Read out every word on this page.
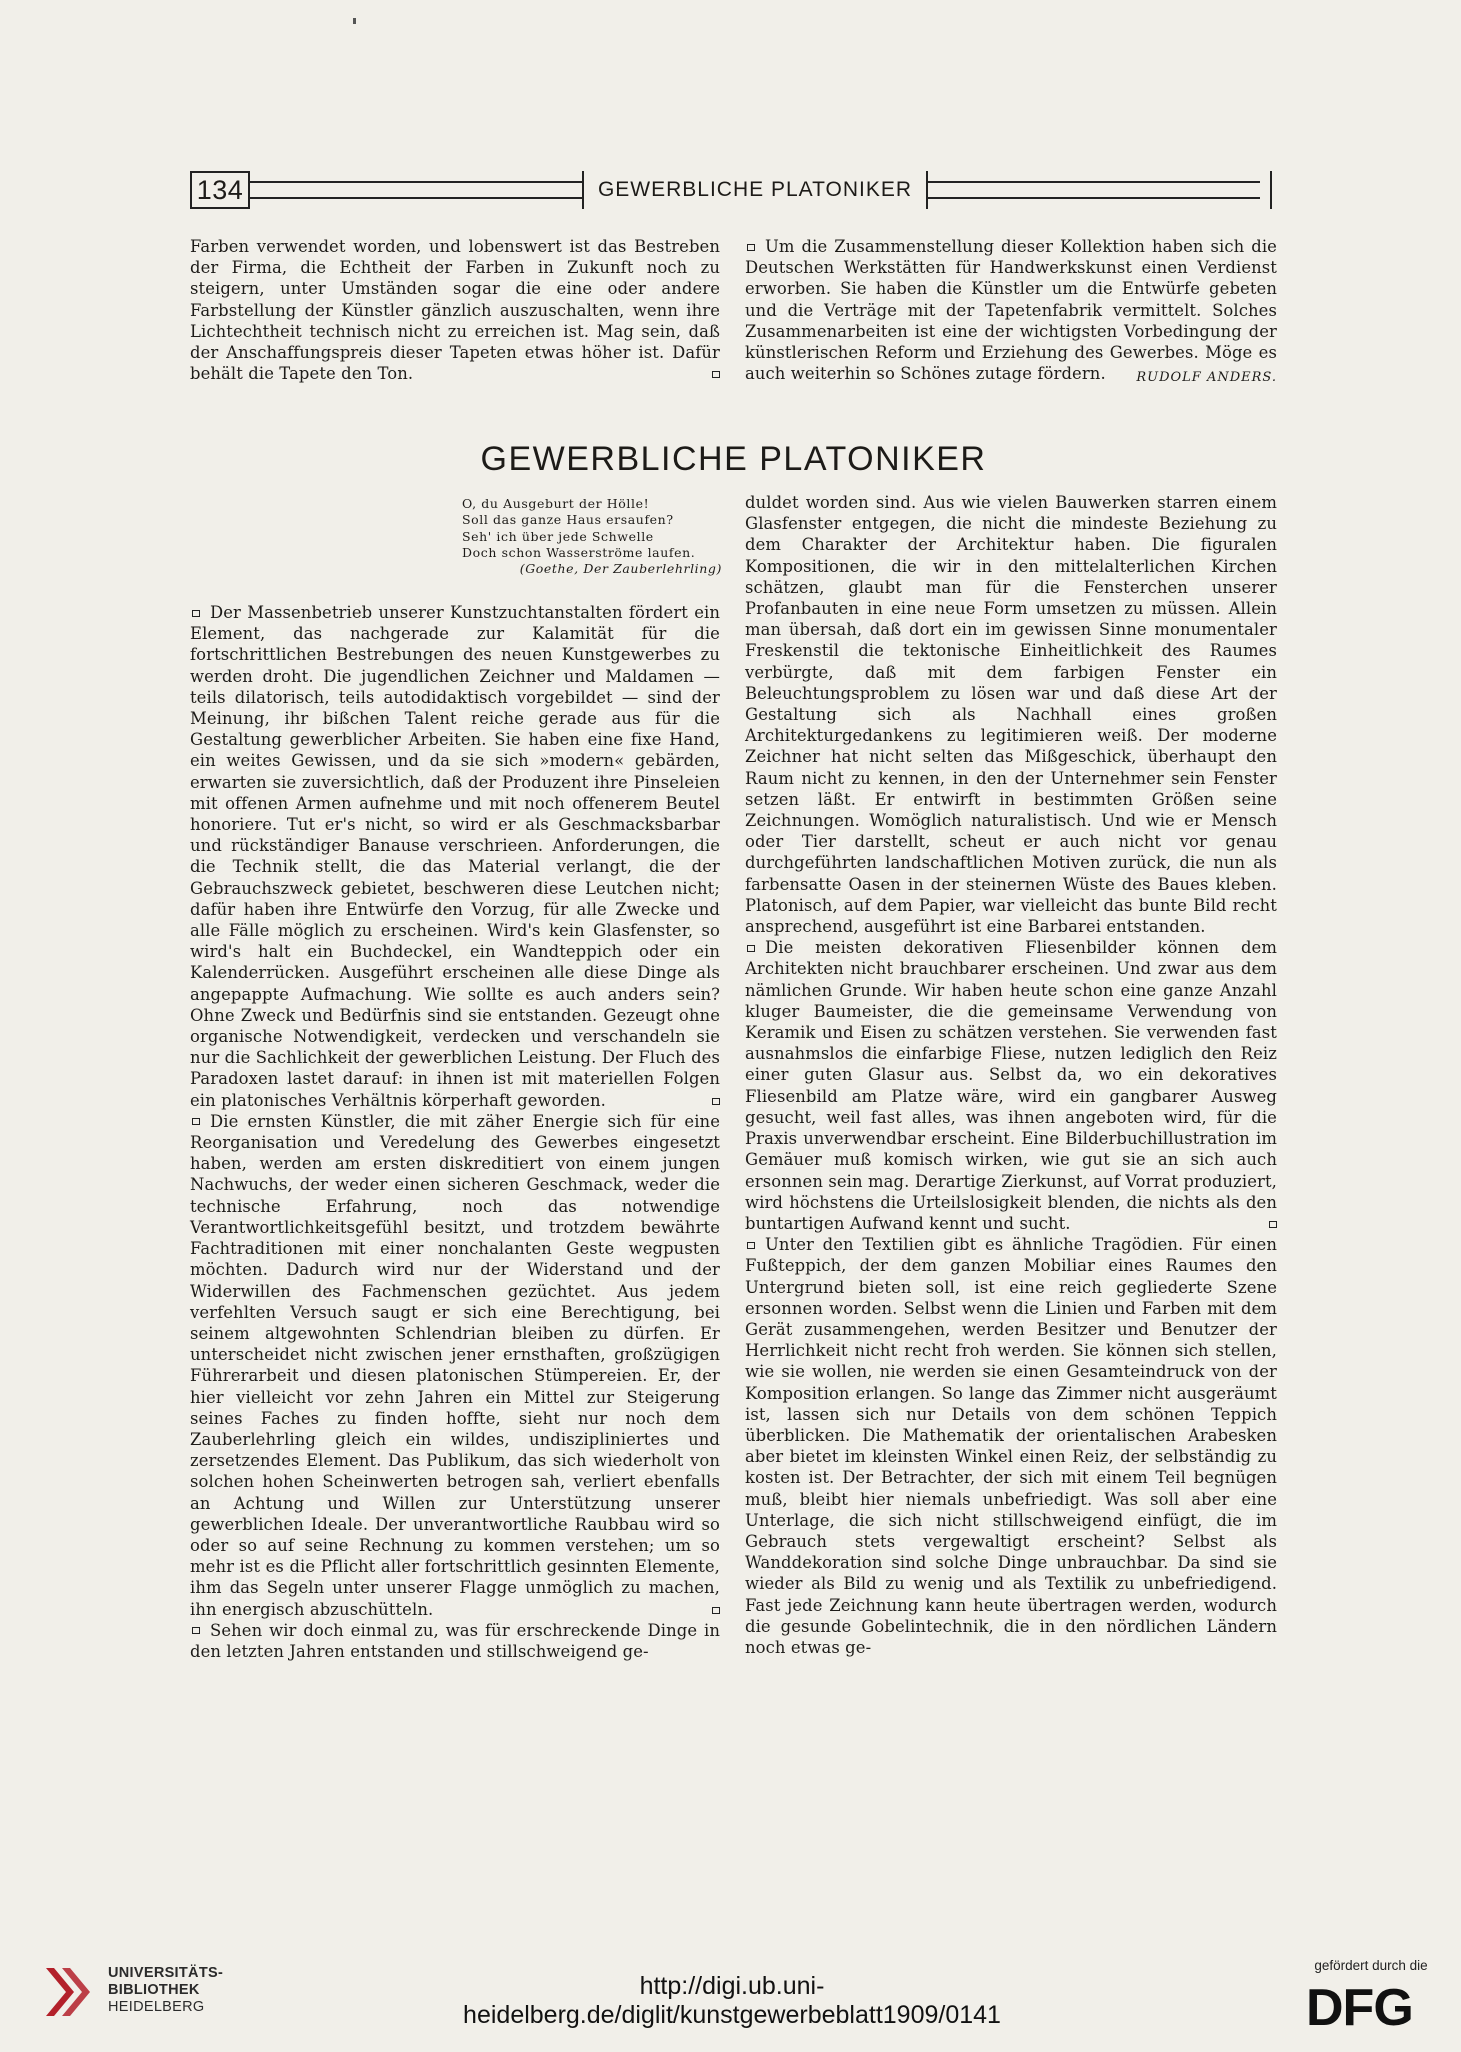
134	GEWERBLICHE PLATONIKER

Farben verwendet worden, und lobenswert ist das Bestreben der Firma, die Echtheit der Farben in Zukunft noch zu steigern, unter Umständen sogar die eine oder andere Farbstellung der Künstler gänzlich auszuschalten, wenn ihre Lichtechtheit technisch nicht zu erreichen ist. Mag sein, daß der Anschaffungspreis dieser Tapeten etwas höher ist. Dafür behält die Tapete den Ton.

Um die Zusammenstellung dieser Kollektion haben sich die Deutschen Werkstätten für Handwerkskunst einen Verdienst erworben. Sie haben die Künstler um die Entwürfe gebeten und die Verträge mit der Tapetenfabrik vermittelt. Solches Zusammenarbeiten ist eine der wichtigsten Vorbedingung der künstlerischen Reform und Erziehung des Gewerbes. Möge es auch weiterhin so Schönes zutage fördern. RUDOLF ANDERS.

GEWERBLICHE PLATONIKER
O, du Ausgeburt der Hölle!
Soll das ganze Haus ersaufen?
Seh' ich über jede Schwelle
Doch schon Wasserströme laufen.
(Goethe, Der Zauberlehrling)

Der Massenbetrieb unserer Kunstzuchtanstalten fördert ein Element, das nachgerade zur Kalamität für die fortschrittlichen Bestrebungen des neuen Kunstgewerbes zu werden droht. Die jugendlichen Zeichner und Maldamen — teils dilatorisch, teils autodidaktisch vorgebildet — sind der Meinung, ihr bißchen Talent reiche gerade aus für die Gestaltung gewerblicher Arbeiten. Sie haben eine fixe Hand, ein weites Gewissen, und da sie sich »modern« gebärden, erwarten sie zuversichtlich, daß der Produzent ihre Pinseleien mit offenen Armen aufnehme und mit noch offenerem Beutel honoriere. Tut er's nicht, so wird er als Geschmacksbarbar und rückständiger Banause verschrieen. Anforderungen, die die Technik stellt, die das Material verlangt, die der Gebrauchszweck gebietet, beschweren diese Leutchen nicht; dafür haben ihre Entwürfe den Vorzug, für alle Zwecke und alle Fälle möglich zu erscheinen. Wird's kein Glasfenster, so wird's halt ein Buchdeckel, ein Wandteppich oder ein Kalenderrücken. Ausgeführt erscheinen alle diese Dinge als angepappte Aufmachung. Wie sollte es auch anders sein? Ohne Zweck und Bedürfnis sind sie entstanden. Gezeugt ohne organische Notwendigkeit, verdecken und verschandeln sie nur die Sachlichkeit der gewerblichen Leistung. Der Fluch des Paradoxen lastet darauf: in ihnen ist mit materiellen Folgen ein platonisches Verhältnis körperhaft geworden.

Die ernsten Künstler, die mit zäher Energie sich für eine Reorganisation und Veredelung des Gewerbes eingesetzt haben, werden am ersten diskreditiert von einem jungen Nachwuchs, der weder einen sicheren Geschmack, weder die technische Erfahrung, noch das notwendige Verantwortlichkeitsgefühl besitzt, und trotzdem bewährte Fachtraditionen mit einer nonchalanten Geste wegpusten möchten. Dadurch wird nur der Widerstand und der Widerwillen des Fachmenschen gezüchtet. Aus jedem verfehlten Versuch saugt er sich eine Berechtigung, bei seinem altgewohnten Schlendrian bleiben zu dürfen. Er unterscheidet nicht zwischen jener ernsthaften, großzügigen Führerarbeit und diesen platonischen Stümpereien. Er, der hier vielleicht vor zehn Jahren ein Mittel zur Steigerung seines Faches zu finden hoffte, sieht nur noch dem Zauberlehrling gleich ein wildes, undiszipliniertes und zersetzendes Element. Das Publikum, das sich wiederholt von solchen hohen Scheinwerten betrogen sah, verliert ebenfalls an Achtung und Willen zur Unterstützung unserer gewerblichen Ideale. Der unverantwortliche Raubbau wird so oder so auf seine Rechnung zu kommen verstehen; um so mehr ist es die Pflicht aller fortschrittlich gesinnten Elemente, ihm das Segeln unter unserer Flagge unmöglich zu machen, ihn energisch abzuschütteln.

Sehen wir doch einmal zu, was für erschreckende Dinge in den letzten Jahren entstanden und stillschweigend ge-

duldet worden sind. Aus wie vielen Bauwerken starren einem Glasfenster entgegen, die nicht die mindeste Beziehung zu dem Charakter der Architektur haben. Die figuralen Kompositionen, die wir in den mittelalterlichen Kirchen schätzen, glaubt man für die Fensterchen unserer Profanbauten in eine neue Form umsetzen zu müssen. Allein man übersah, daß dort ein im gewissen Sinne monumentaler Freskenstil die tektonische Einheitlichkeit des Raumes verbürgte, daß mit dem farbigen Fenster ein Beleuchtungsproblem zu lösen war und daß diese Art der Gestaltung sich als Nachhall eines großen Architekturgedankens zu legitimieren weiß. Der moderne Zeichner hat nicht selten das Mißgeschick, überhaupt den Raum nicht zu kennen, in den der Unternehmer sein Fenster setzen läßt. Er entwirft in bestimmten Größen seine Zeichnungen. Womöglich naturalistisch. Und wie er Mensch oder Tier darstellt, scheut er auch nicht vor genau durchgeführten landschaftlichen Motiven zurück, die nun als farbensatte Oasen in der steinernen Wüste des Baues kleben. Platonisch, auf dem Papier, war vielleicht das bunte Bild recht ansprechend, ausgeführt ist eine Barbarei entstanden.

Die meisten dekorativen Fliesenbilder können dem Architekten nicht brauchbarer erscheinen. Und zwar aus dem nämlichen Grunde. Wir haben heute schon eine ganze Anzahl kluger Baumeister, die die gemeinsame Verwendung von Keramik und Eisen zu schätzen verstehen. Sie verwenden fast ausnahmslos die einfarbige Fliese, nutzen lediglich den Reiz einer guten Glasur aus. Selbst da, wo ein dekoratives Fliesenbild am Platze wäre, wird ein gangbarer Ausweg gesucht, weil fast alles, was ihnen angeboten wird, für die Praxis unverwendbar erscheint. Eine Bilderbuchillustration im Gemäuer muß komisch wirken, wie gut sie an sich auch ersonnen sein mag. Derartige Zierkunst, auf Vorrat produziert, wird höchstens die Urteilslosigkeit blenden, die nichts als den buntartigen Aufwand kennt und sucht.

Unter den Textilien gibt es ähnliche Tragödien. Für einen Fußteppich, der dem ganzen Mobiliar eines Raumes den Untergrund bieten soll, ist eine reich gegliederte Szene ersonnen worden. Selbst wenn die Linien und Farben mit dem Gerät zusammengehen, werden Besitzer und Benutzer der Herrlichkeit nicht recht froh werden. Sie können sich stellen, wie sie wollen, nie werden sie einen Gesamteindruck von der Komposition erlangen. So lange das Zimmer nicht ausgeräumt ist, lassen sich nur Details von dem schönen Teppich überblicken. Die Mathematik der orientalischen Arabesken aber bietet im kleinsten Winkel einen Reiz, der selbständig zu kosten ist. Der Betrachter, der sich mit einem Teil begnügen muß, bleibt hier niemals unbefriedigt. Was soll aber eine Unterlage, die sich nicht stillschweigend einfügt, die im Gebrauch stets vergewaltigt erscheint? Selbst als Wanddekoration sind solche Dinge unbrauchbar. Da sind sie wieder als Bild zu wenig und als Textilik zu unbefriedigend. Fast jede Zeichnung kann heute übertragen werden, wodurch die gesunde Gobelintechnik, die in den nördlichen Ländern noch etwas ge-

UNIVERSITÄTS-
BIBLIOTHEK
HEIDELBERG
http://digi.ub.uni-heidelberg.de/diglit/kunstgewerbeblatt1909/0141
gefördert durch die
DFG
